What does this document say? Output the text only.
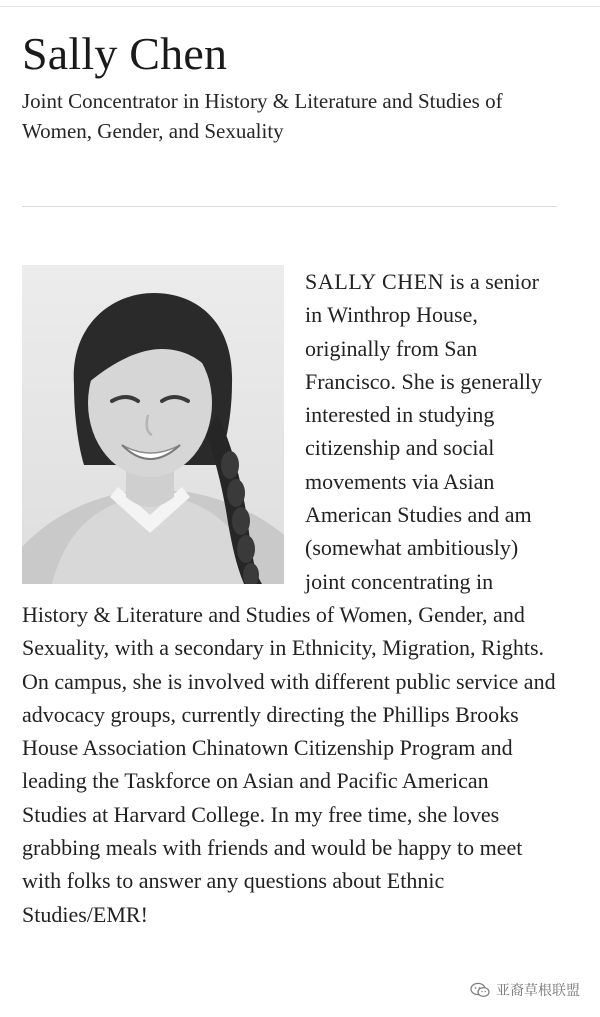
Sally Chen

Joint Concentrator in History & Literature and Studies of Women, Gender, and Sexuality

SALLY CHEN is a senior in Winthrop House, originally from San Francisco. She is generally interested in studying citizenship and social movements via Asian American Studies and am (somewhat ambitiously) joint concentrating in History & Literature and Studies of Women, Gender, and Sexuality, with a secondary in Ethnicity, Migration, Rights. On campus, she is involved with different public service and advocacy groups, currently directing the Phillips Brooks House Association Chinatown Citizenship Program and leading the Taskforce on Asian and Pacific American Studies at Harvard College. In my free time, she loves grabbing meals with friends and would be happy to meet with folks to answer any questions about Ethnic Studies/EMR!
亚裔草根联盟
